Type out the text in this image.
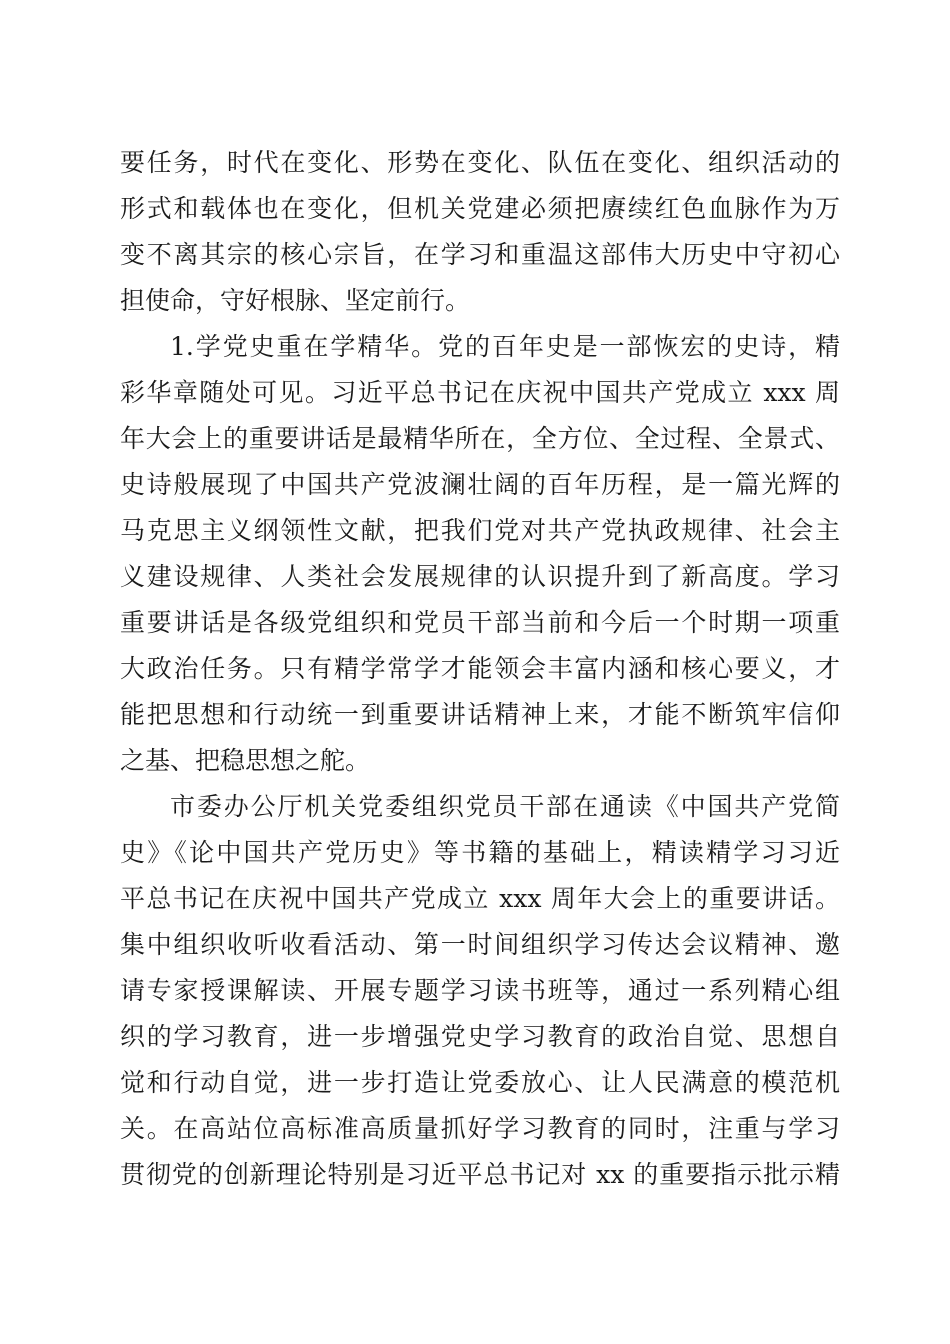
要任务，时代在变化、形势在变化、队伍在变化、组织活动的
形式和载体也在变化，但机关党建必须把赓续红色血脉作为万
变不离其宗的核心宗旨，在学习和重温这部伟大历史中守初心
担使命，守好根脉、坚定前行。
1.学党史重在学精华。党的百年史是一部恢宏的史诗，精
彩华章随处可见。习近平总书记在庆祝中国共产党成立 xxx 周
年大会上的重要讲话是最精华所在，全方位、全过程、全景式、
史诗般展现了中国共产党波澜壮阔的百年历程，是一篇光辉的
马克思主义纲领性文献，把我们党对共产党执政规律、社会主
义建设规律、人类社会发展规律的认识提升到了新高度。学习
重要讲话是各级党组织和党员干部当前和今后一个时期一项重
大政治任务。只有精学常学才能领会丰富内涵和核心要义，才
能把思想和行动统一到重要讲话精神上来，才能不断筑牢信仰
之基、把稳思想之舵。
市委办公厅机关党委组织党员干部在通读《中国共产党简
史》《论中国共产党历史》等书籍的基础上，精读精学习习近
平总书记在庆祝中国共产党成立 xxx 周年大会上的重要讲话。
集中组织收听收看活动、第一时间组织学习传达会议精神、邀
请专家授课解读、开展专题学习读书班等，通过一系列精心组
织的学习教育，进一步增强党史学习教育的政治自觉、思想自
觉和行动自觉，进一步打造让党委放心、让人民满意的模范机
关。在高站位高标准高质量抓好学习教育的同时，注重与学习
贯彻党的创新理论特别是习近平总书记对 xx 的重要指示批示精
